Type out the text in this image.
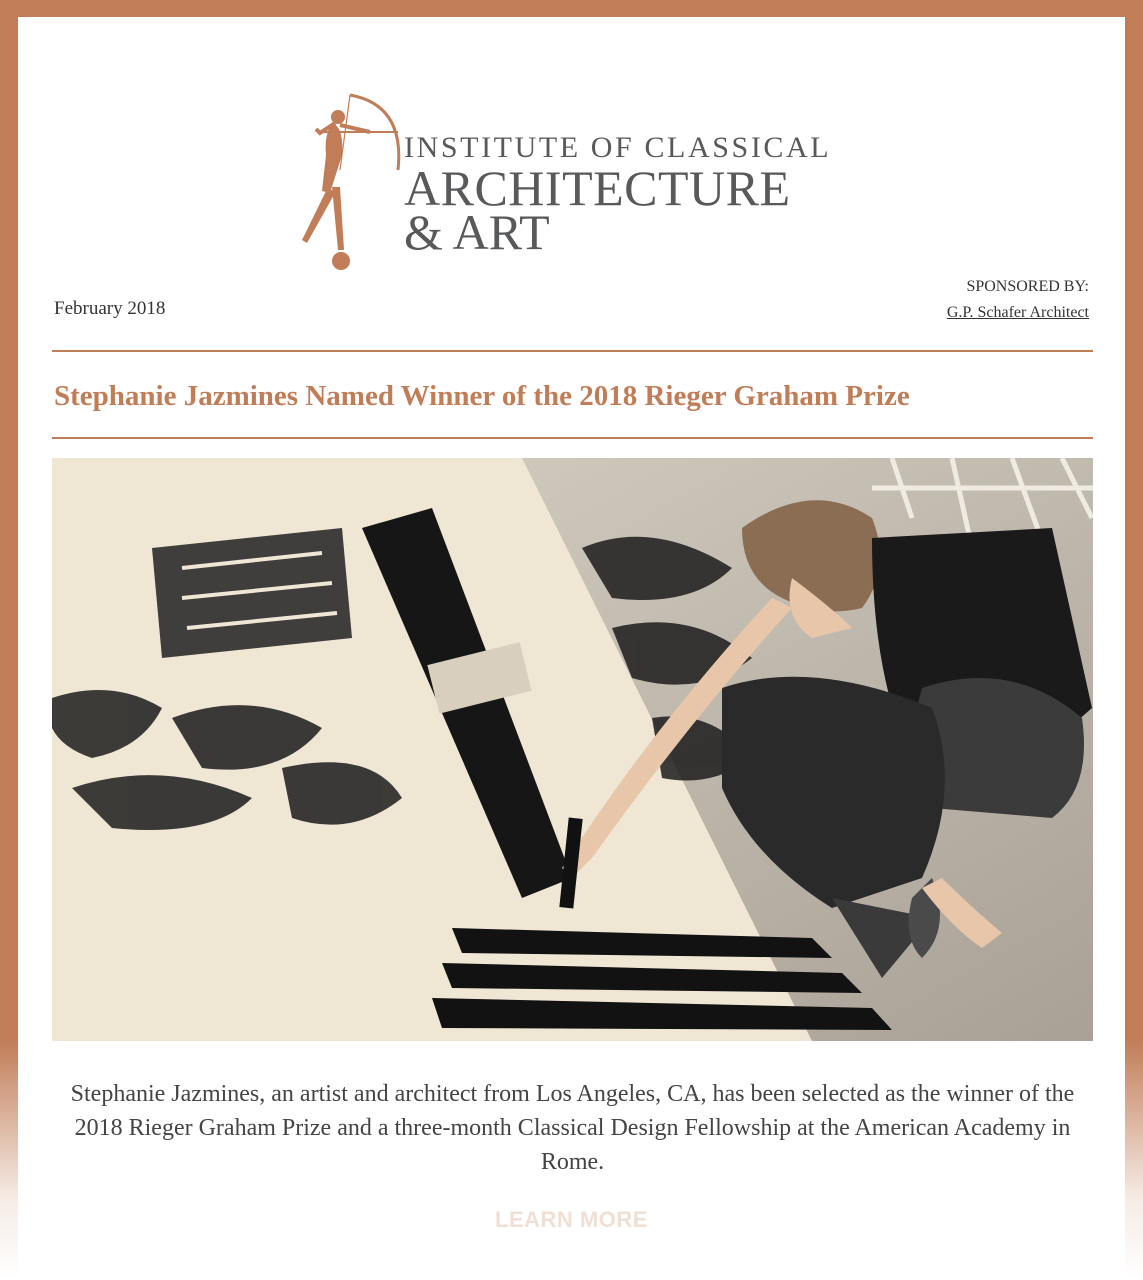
INSTITUTE OF CLASSICAL
ARCHITECTURE
& ART
February 2018
SPONSORED BY:
G.P. Schafer Architect
Stephanie Jazmines Named Winner of the 2018 Rieger Graham Prize
Stephanie Jazmines, an artist and architect from Los Angeles, CA, has been selected as the winner of the 2018 Rieger Graham Prize and a three-month Classical Design Fellowship at the American Academy in Rome.
LEARN MORE
